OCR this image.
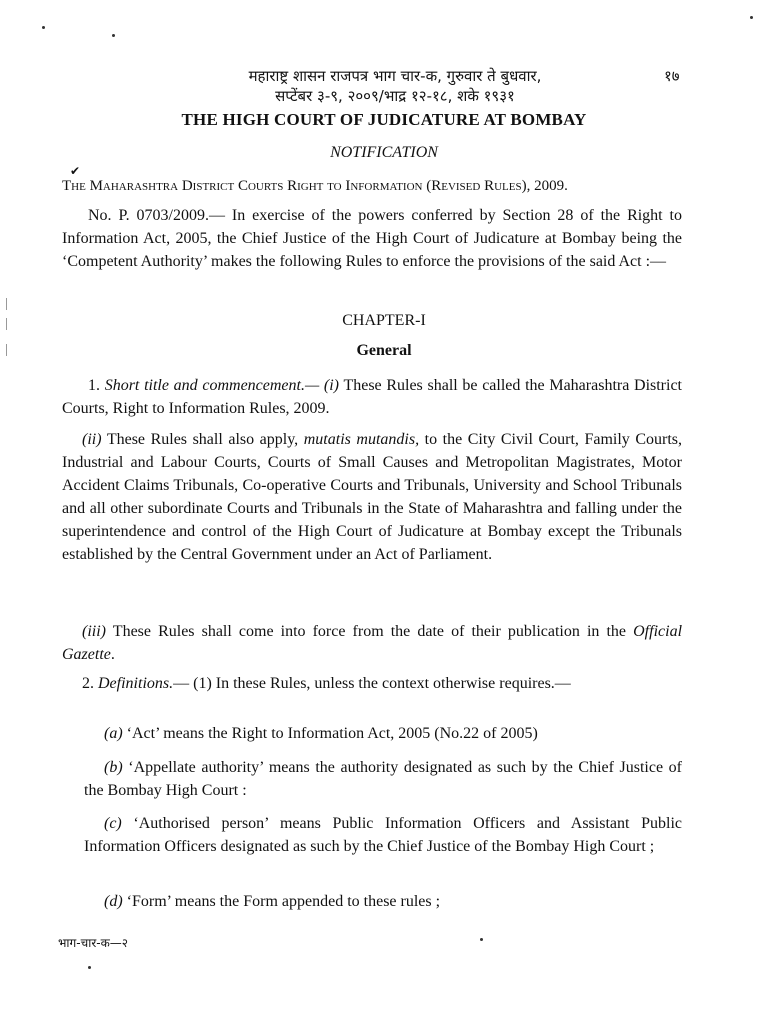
महाराष्ट्र शासन राजपत्र भाग चार-क, गुरुवार ते बुधवार,
सप्टेंबर ३-९, २००९/भाद्र १२-१८, शके १९३१
१७
THE HIGH COURT OF JUDICATURE AT BOMBAY
NOTIFICATION
✔
The Maharashtra District Courts Right to Information (Revised Rules), 2009.
No. P. 0703/2009.— In exercise of the powers conferred by Section 28 of the Right to Information Act, 2005, the Chief Justice of the High Court of Judicature at Bombay being the ‘Competent Authority’ makes the following Rules to enforce the provisions of the said Act :—
CHAPTER-I
General
1. Short title and commencement.— (i) These Rules shall be called the Maharashtra District Courts, Right to Information Rules, 2009.
(ii) These Rules shall also apply, mutatis mutandis, to the City Civil Court, Family Courts, Industrial and Labour Courts, Courts of Small Causes and Metropolitan Magistrates, Motor Accident Claims Tribunals, Co-operative Courts and Tribunals, University and School Tribunals and all other subordinate Courts and Tribunals in the State of Maharashtra and falling under the superintendence and control of the High Court of Judicature at Bombay except the Tribunals established by the Central Government under an Act of Parliament.
(iii) These Rules shall come into force from the date of their publication in the Official Gazette.
2. Definitions.— (1) In these Rules, unless the context otherwise requires.—
(a) ‘Act’ means the Right to Information Act, 2005 (No.22 of 2005)
(b) ‘Appellate authority’ means the authority designated as such by the Chief Justice of the Bombay High Court :
(c) ‘Authorised person’ means Public Information Officers and Assistant Public Information Officers designated as such by the Chief Justice of the Bombay High Court ;
(d) ‘Form’ means the Form appended to these rules ;
भाग-चार-क—२
